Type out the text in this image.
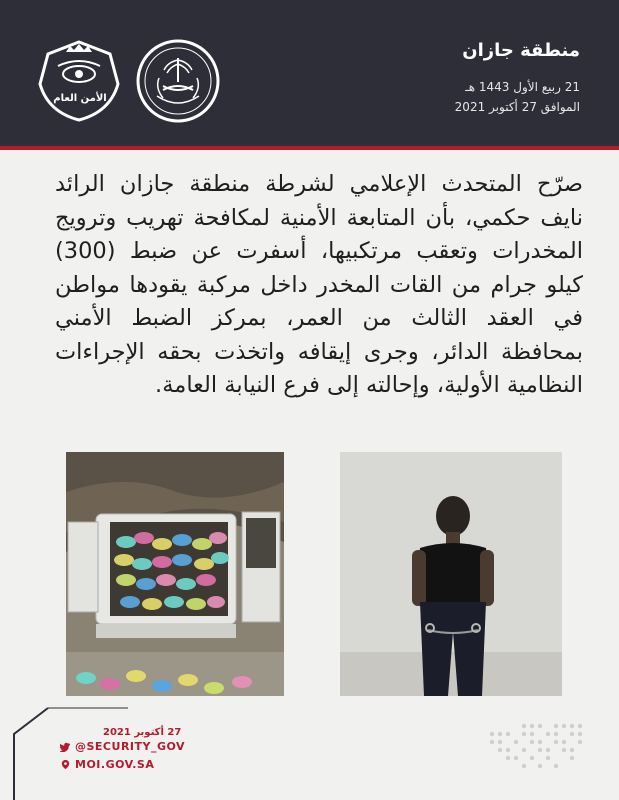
منطقة جازان
21 ربيع الأول 1443 هـ
الموافق 27 أكتوبر 2021
الأمن العام
صرّح المتحدث الإعلامي لشرطة منطقة جازان الرائد نايف حكمي، بأن المتابعة الأمنية لمكافحة تهريب وترويج المخدرات وتعقب مرتكبيها، أسفرت عن ضبط (300) كيلو جرام من القات المخدر داخل مركبة يقودها مواطن في العقد الثالث من العمر، بمركز الضبط الأمني بمحافظة الدائر، وجرى إيقافه واتخذت بحقه الإجراءات النظامية الأولية، وإحالته إلى فرع النيابة العامة.
27 أكتوبر 2021
@SECURITY_GOV
MOI.GOV.SA
